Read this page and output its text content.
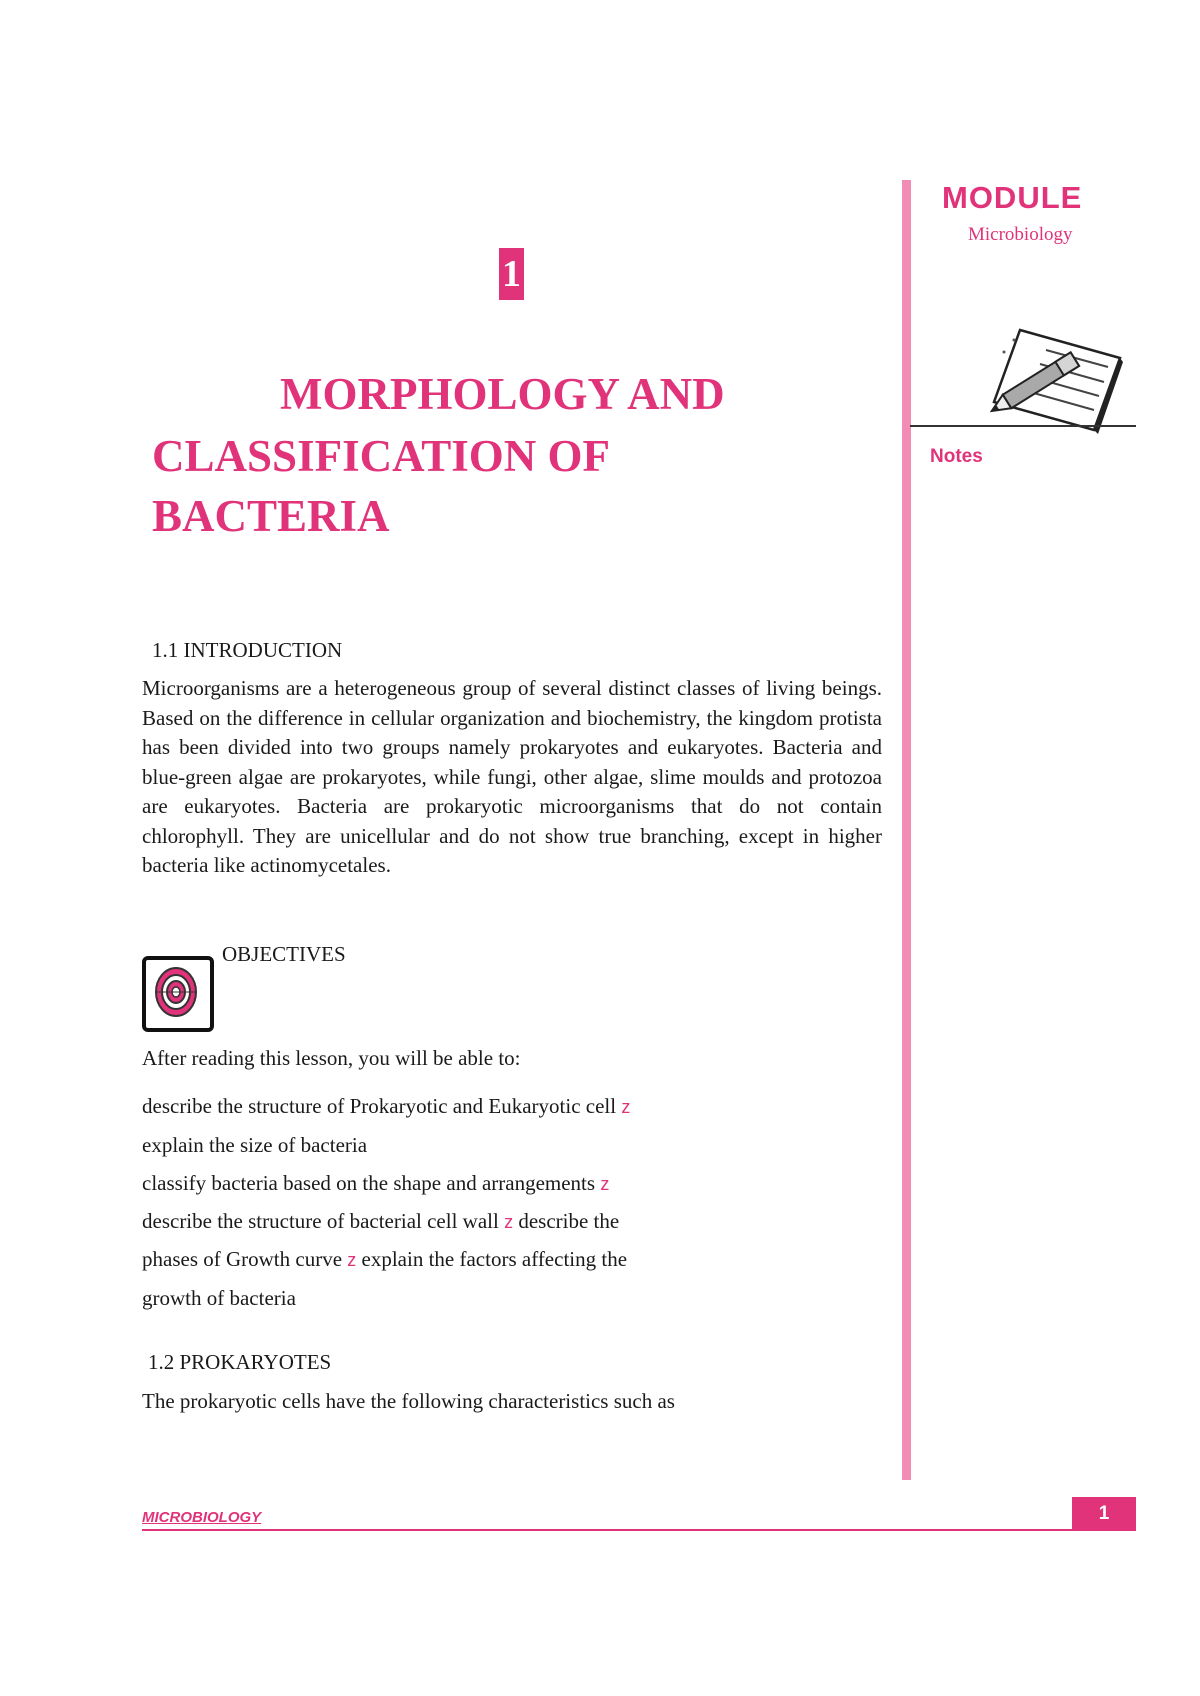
MODULE
Microbiology
Notes
1
MORPHOLOGY AND
CLASSIFICATION OF
BACTERIA
1.1 INTRODUCTION
Microorganisms are a heterogeneous group of several distinct classes of living beings. Based on the difference in cellular organization and biochemistry, the kingdom protista has been divided into two groups namely prokaryotes and eukaryotes. Bacteria and blue-green algae are prokaryotes, while fungi, other algae, slime moulds and protozoa are eukaryotes. Bacteria are prokaryotic microorganisms that do not contain chlorophyll. They are unicellular and do not show true branching, except in higher bacteria like actinomycetales.
OBJECTIVES
After reading this lesson, you will be able to:
describe the structure of Prokaryotic and Eukaryotic cell z
explain the size of bacteria
classify bacteria based on the shape and arrangements z
describe the structure of bacterial cell wall z describe the
phases of Growth curve z explain the factors affecting the
growth of bacteria
1.2 PROKARYOTES
The prokaryotic cells have the following characteristics such as
MICROBIOLOGY	1
